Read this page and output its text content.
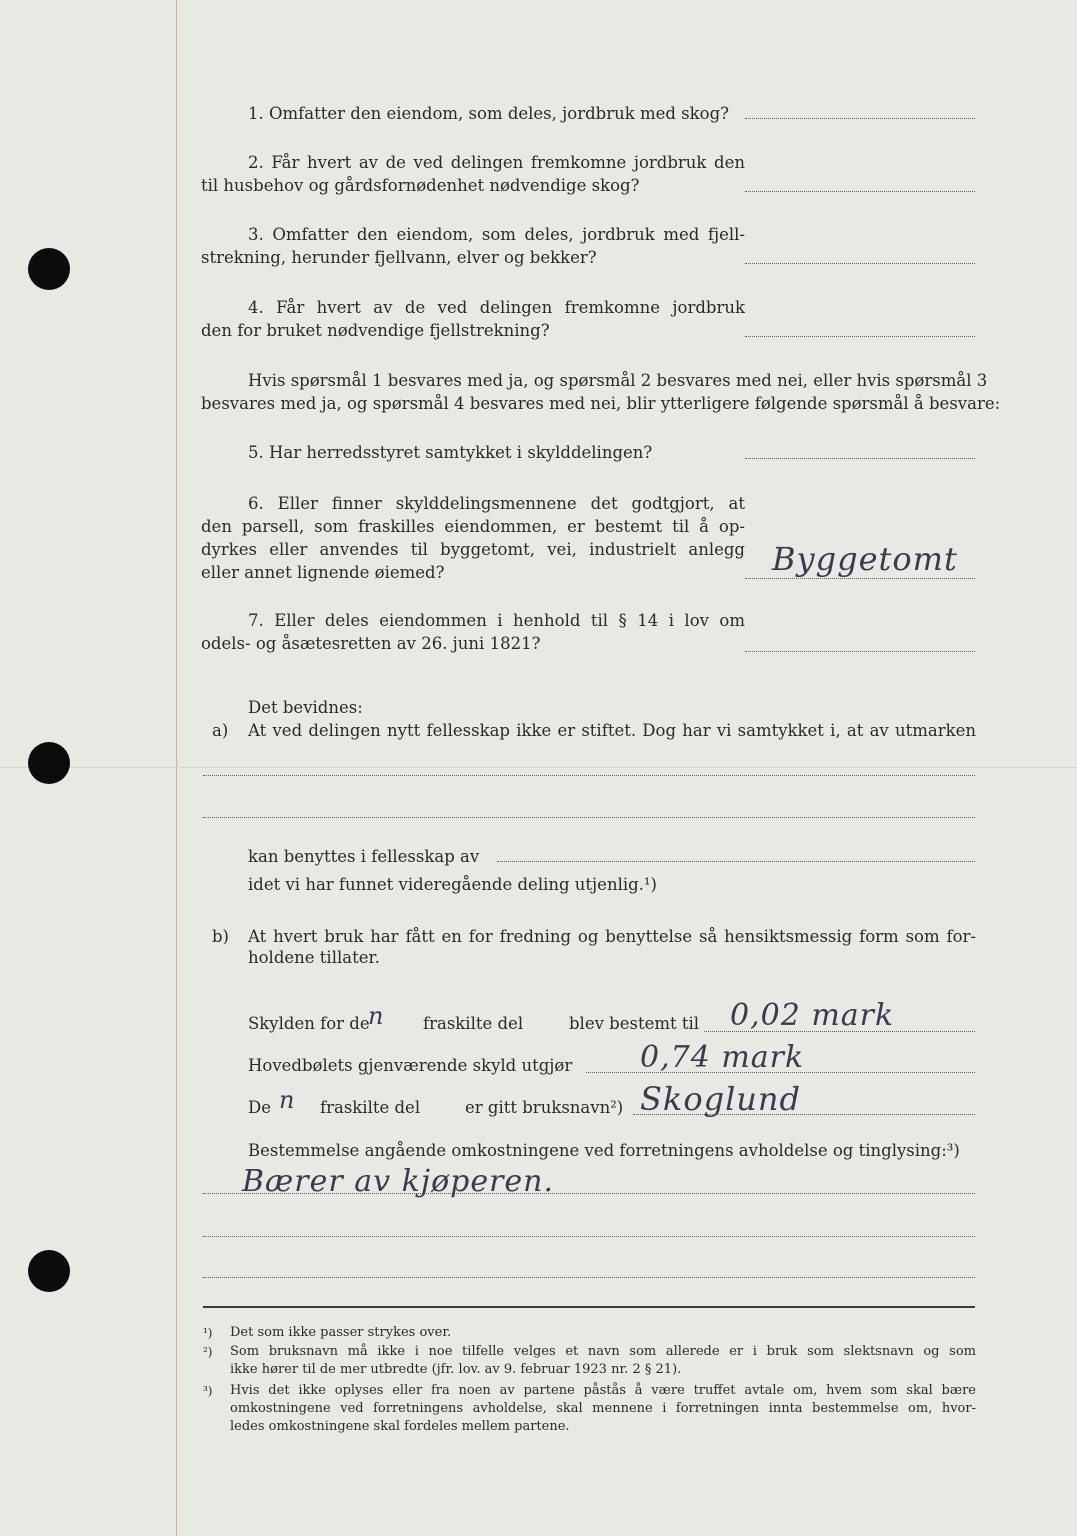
1. Omfatter den eiendom, som deles, jordbruk med skog?
2. Får hvert av de ved delingen fremkomne jordbruk den
til husbehov og gårdsfornødenhet nødvendige skog?
3. Omfatter den eiendom, som deles, jordbruk med fjell-
strekning, herunder fjellvann, elver og bekker?
4. Får hvert av de ved delingen fremkomne jordbruk
den for bruket nødvendige fjellstrekning?
Hvis spørsmål 1 besvares med ja, og spørsmål 2 besvares med nei, eller hvis spørsmål 3
besvares med ja, og spørsmål 4 besvares med nei, blir ytterligere følgende spørsmål å besvare:
5. Har herredsstyret samtykket i skylddelingen?
6. Eller finner skylddelingsmennene det godtgjort, at
den parsell, som fraskilles eiendommen, er bestemt til å op-
dyrkes eller anvendes til byggetomt, vei, industrielt anlegg
eller annet lignende øiemed?	Byggetomt
7. Eller deles eiendommen i henhold til § 14 i lov om
odels- og åsætesretten av 26. juni 1821?
Det bevidnes:
a) At ved delingen nytt fellesskap ikke er stiftet. Dog har vi samtykket i, at av utmarken
kan benyttes i fellesskap av
idet vi har funnet videregående deling utjenlig.¹)
b) At hvert bruk har fått en for fredning og benyttelse så hensiktsmessig form som for-
holdene tillater.
Skylden for de
n fraskilte del	blev bestemt til 0,02 mark
Hovedbølets gjenværende skyld utgjør 0,74 mark
De n fraskilte del	er gitt bruksnavn²) Skoglund
Bestemmelse angående omkostningene ved forretningens avholdelse og tinglysing:³)
Bærer av kjøperen.
¹) Det som ikke passer strykes over.
²) Som bruksnavn må ikke i noe tilfelle velges et navn som allerede er i bruk som slektsnavn og som
ikke hører til de mer utbredte (jfr. lov. av 9. februar 1923 nr. 2 § 21).
³) Hvis det ikke oplyses eller fra noen av partene påstås å være truffet avtale om, hvem som skal bære
omkostningene ved forretningens avholdelse, skal mennene i forretningen innta bestemmelse om, hvor-
ledes omkostningene skal fordeles mellem partene.
